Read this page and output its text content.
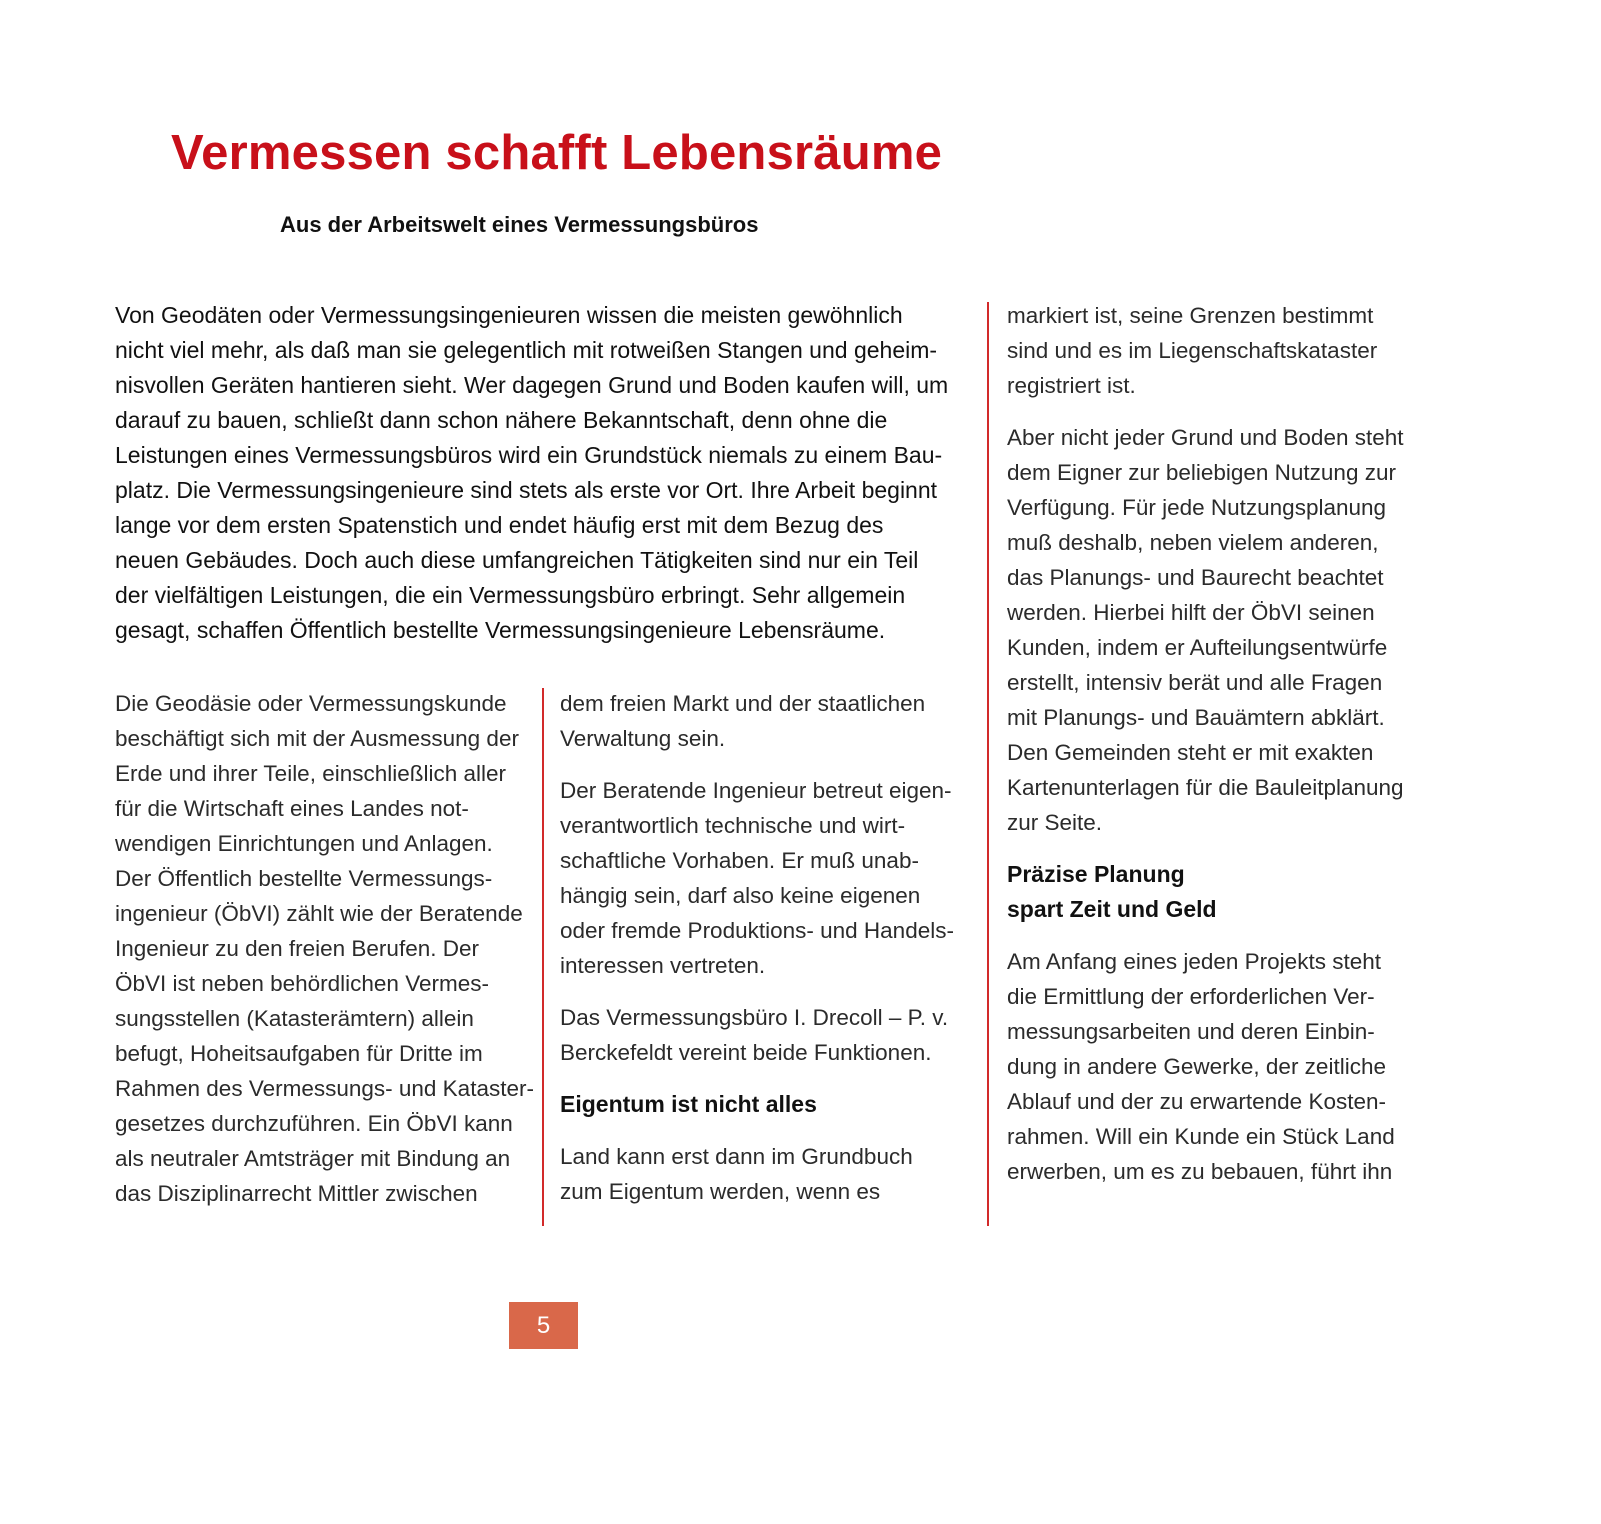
Vermessen schafft Lebensräume
Aus der Arbeitswelt eines Vermessungsbüros
Von Geodäten oder Vermessungsingenieuren wissen die meisten gewöhnlich
nicht viel mehr, als daß man sie gelegentlich mit rotweißen Stangen und geheim-
nisvollen Geräten hantieren sieht. Wer dagegen Grund und Boden kaufen will, um
darauf zu bauen, schließt dann schon nähere Bekanntschaft, denn ohne die
Leistungen eines Vermessungsbüros wird ein Grundstück niemals zu einem Bau-
platz. Die Vermessungsingenieure sind stets als erste vor Ort. Ihre Arbeit beginnt
lange vor dem ersten Spatenstich und endet häufig erst mit dem Bezug des
neuen Gebäudes. Doch auch diese umfangreichen Tätigkeiten sind nur ein Teil
der vielfältigen Leistungen, die ein Vermessungsbüro erbringt. Sehr allgemein
gesagt, schaffen Öffentlich bestellte Vermessungsingenieure Lebensräume.
Die Geodäsie oder Vermessungskunde
beschäftigt sich mit der Ausmessung der
Erde und ihrer Teile, einschließlich aller
für die Wirtschaft eines Landes not-
wendigen Einrichtungen und Anlagen.
Der Öffentlich bestellte Vermessungs-
ingenieur (ÖbVI) zählt wie der Beratende
Ingenieur zu den freien Berufen. Der
ÖbVI ist neben behördlichen Vermes-
sungsstellen (Katasterämtern) allein
befugt, Hoheitsaufgaben für Dritte im
Rahmen des Vermessungs- und Kataster-
gesetzes durchzuführen. Ein ÖbVI kann
als neutraler Amtsträger mit Bindung an
das Disziplinarrecht Mittler zwischen
dem freien Markt und der staatlichen
Verwaltung sein.
Der Beratende Ingenieur betreut eigen-
verantwortlich technische und wirt-
schaftliche Vorhaben. Er muß unab-
hängig sein, darf also keine eigenen
oder fremde Produktions- und Handels-
interessen vertreten.
Das Vermessungsbüro I. Drecoll – P. v.
Berckefeldt vereint beide Funktionen.
Eigentum ist nicht alles
Land kann erst dann im Grundbuch
zum Eigentum werden, wenn es
markiert ist, seine Grenzen bestimmt
sind und es im Liegenschaftskataster
registriert ist.
Aber nicht jeder Grund und Boden steht
dem Eigner zur beliebigen Nutzung zur
Verfügung. Für jede Nutzungsplanung
muß deshalb, neben vielem anderen,
das Planungs- und Baurecht beachtet
werden. Hierbei hilft der ÖbVI seinen
Kunden, indem er Aufteilungsentwürfe
erstellt, intensiv berät und alle Fragen
mit Planungs- und Bauämtern abklärt.
Den Gemeinden steht er mit exakten
Kartenunterlagen für die Bauleitplanung
zur Seite.
Präzise Planung
spart Zeit und Geld
Am Anfang eines jeden Projekts steht
die Ermittlung der erforderlichen Ver-
messungsarbeiten und deren Einbin-
dung in andere Gewerke, der zeitliche
Ablauf und der zu erwartende Kosten-
rahmen. Will ein Kunde ein Stück Land
erwerben, um es zu bebauen, führt ihn
5
